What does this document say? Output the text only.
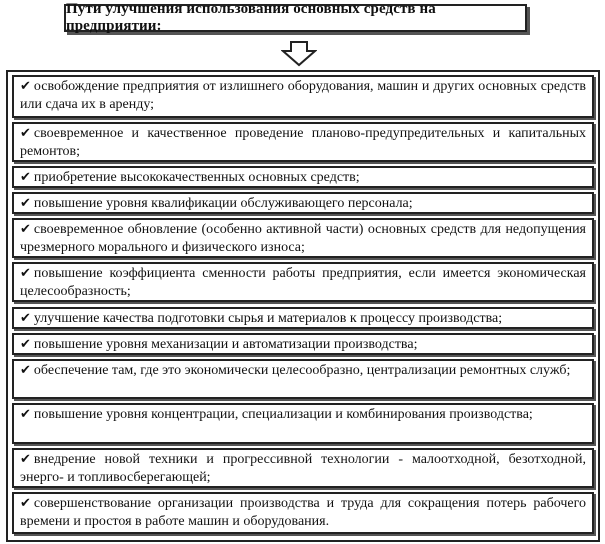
Пути улучшения использования основных средств на предприятии:
✔ освобождение предприятия от излишнего оборудования, машин и других основных средств или сдача их в аренду;
✔ своевременное и качественное проведение планово-предупредительных и капитальных ремонтов;
✔ приобретение высококачественных основных средств;
✔ повышение уровня квалификации обслуживающего персонала;
✔ своевременное обновление (особенно активной части) основных средств для недопущения чрезмерного морального и физического износа;
✔ повышение коэффициента сменности работы предприятия, если имеется экономическая целесообразность;
✔ улучшение качества подготовки сырья и материалов к процессу производства;
✔ повышение уровня механизации и автоматизации производства;
✔ обеспечение там, где это экономически целесообразно, централизации ремонтных служб;
✔ повышение уровня концентрации, специализации и комбинирования производства;
✔ внедрение новой техники и прогрессивной технологии - малоотходной, безотходной, энерго- и топливосберегающей;
✔ совершенствование организации производства и труда для сокращения потерь рабочего времени и простоя в работе машин и оборудования.
